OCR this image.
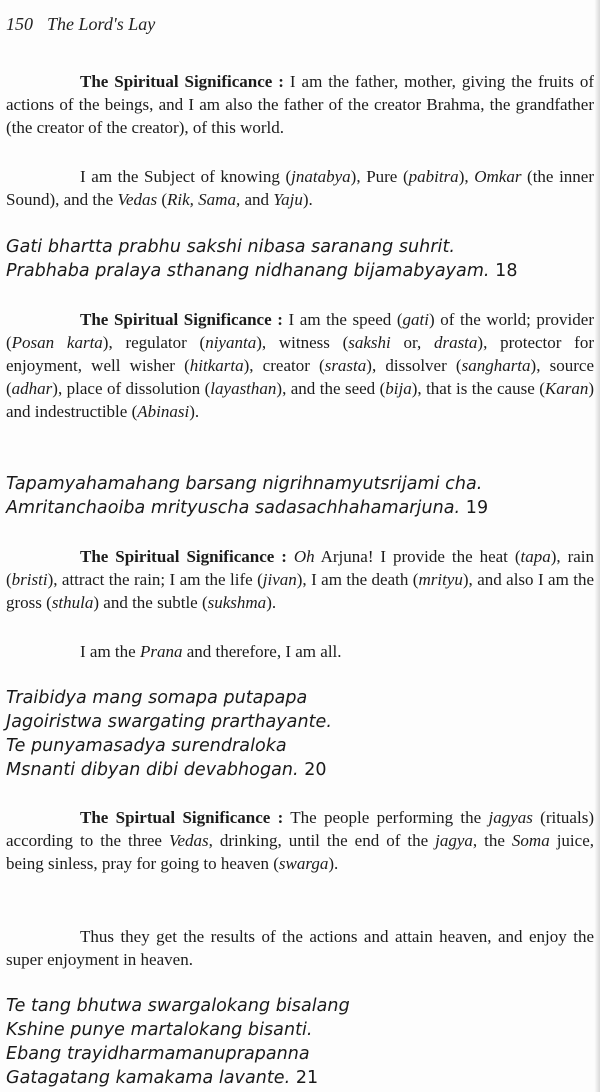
150 The Lord's Lay
The Spiritual Significance : I am the father, mother, giving the fruits of actions of the beings, and I am also the father of the creator Brahma, the grandfather (the creator of the creator), of this world.
I am the Subject of knowing (jnatabya), Pure (pabitra), Omkar (the inner Sound), and the Vedas (Rik, Sama, and Yaju).
Gati bhartta prabhu sakshi nibasa saranang suhrit.
Prabhaba pralaya sthanang nidhanang bijamabyayam. 18
The Spiritual Significance : I am the speed (gati) of the world; provider (Posan karta), regulator (niyanta), witness (sakshi or, drasta), protector for enjoyment, well wisher (hitkarta), creator (srasta), dissolver (sangharta), source (adhar), place of dissolution (layasthan), and the seed (bija), that is the cause (Karan) and indestructible (Abinasi).
Tapamyahamahang barsang nigrihnamyutsrijami cha.
Amritanchaoiba mrityuscha sadasachhahamarjuna. 19
The Spiritual Significance : Oh Arjuna! I provide the heat (tapa), rain (bristi), attract the rain; I am the life (jivan), I am the death (mrityu), and also I am the gross (sthula) and the subtle (sukshma).
I am the Prana and therefore, I am all.
Traibidya mang somapa putapapa
Jagoiristwa swargating prarthayante.
Te punyamasadya surendraloka
Msnanti dibyan dibi devabhogan. 20
The Spirtual Significance : The people performing the jagyas (rituals) according to the three Vedas, drinking, until the end of the jagya, the Soma juice, being sinless, pray for going to heaven (swarga).
Thus they get the results of the actions and attain heaven, and enjoy the super enjoyment in heaven.
Te tang bhutwa swargalokang bisalang
Kshine punye martalokang bisanti.
Ebang trayidharmamanuprapanna
Gatagatang kamakama lavante. 21
